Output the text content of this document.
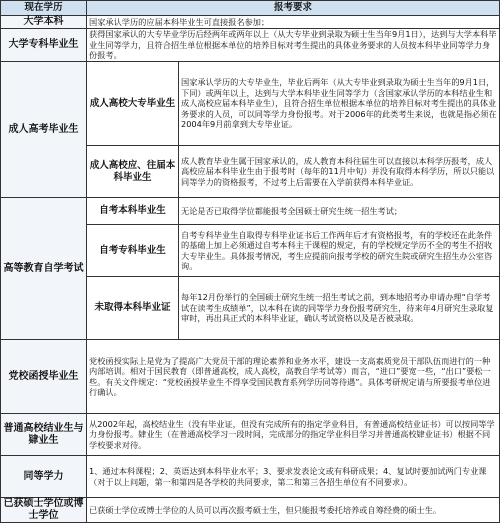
现在学历	报考要求	
大学本科	国家承认学历的应届本科毕业生可直接报名参加；	
大学专科毕业生	获得国家承认的大专毕业学历后经两年或两年以上（从大专毕业到录取为硕士生当年9月1日），达到与大学本科毕业生同等学力，且符合招生单位根据本单位的培养目标对考生提出的具体业务要求的人员按本科毕业同等学力身份报考。	
成人高考毕业生	成人高校大专毕业生	国家承认学历的大专毕业生，毕业后两年（从大专毕业到录取为硕士生当年的9月1日，下同）或两年以上，达到与大学本科毕业生同等学力（含国家承认学历的本科结业生和成人高校应届本科毕业生），且符合招生单位根据本单位的培养目标对考生提出的具体业务要求的人员，可以同等学力身份报考。对于2006年的此类考生来说，也就是指必须在2004年9月前拿到大专毕业证。
	成人高校应、往届本科毕业生	成人教育毕业生属于国家承认的，成人教育本科往届生可以直接以本科学历报考，成人高校应届本科毕业生由于报考时（每年的11月中旬）并没有取得本科学历，所以只能以同等学力的资格报考，不过考上后需要在入学前获得本科毕业证。
高等教育自学考试	自考本科毕业生	无论是否已取得学位都能报考全国硕士研究生统一招生考试；
	自考专科毕业生	自考专科毕业生自取得专科毕业证书后工作两年后才有资格报考，有的学校还在此条件的基础上加上必须通过自考本科主干课程的规定，有的学校规定学历不全的考生不招收大专毕业生。具体报考情况，考生应提前向报考学校的研究生院或研究生招生办公室咨询。
	未取得本科毕业证	每年12月份举行的全国硕士研究生统一招生考试之前，到本地招考办申请办理“自学考试在读考生成绩单”，以本科在读的同等学力身份报考研究生，待来年4月研究生录取复审时，再出具正式的本科毕业证，确认考试资格以及是否被录取。
党校函授毕业生	党校函授实际上是党为了提高广大党员干部的理论素养和业务水平，建设一支高素质党员干部队伍而进行的一种内部培训。相对于国民教育（即普通高校，成人高校，高教自学考试等）而言，“进口”要宽一些，“出口”要松一些。有关文件规定：“党校函授毕业生不得享受国民教育系列学历同等待遇”。具体考研规定请与所要报考单位进行确认。	
普通高校结业生与肄业生	从2002年起，高校结业生（没有毕业证，但没有完成所有的指定学业科目，有普通高校结业证书）可以按同等学力身份报考。肄业生（在普通高校学习一段时间，完成部分的指定学业科目学习并普通高校肄业证书）根据不同学校要求对待。	
同等学力	1、通过本科课程；2、英语达到本科毕业水平；3、要求发表论文或有科研成果；4、复试时要加试两门专业课（对于以上问题，第一和第四是各学校的共同要求，第二和第三各招生单位有不同要求）。	
已获硕士学位或博士学位	已获硕士学位或博士学位的人员可以再次报考硕士生，但只能报考委托培养或自筹经费的硕士生。	
